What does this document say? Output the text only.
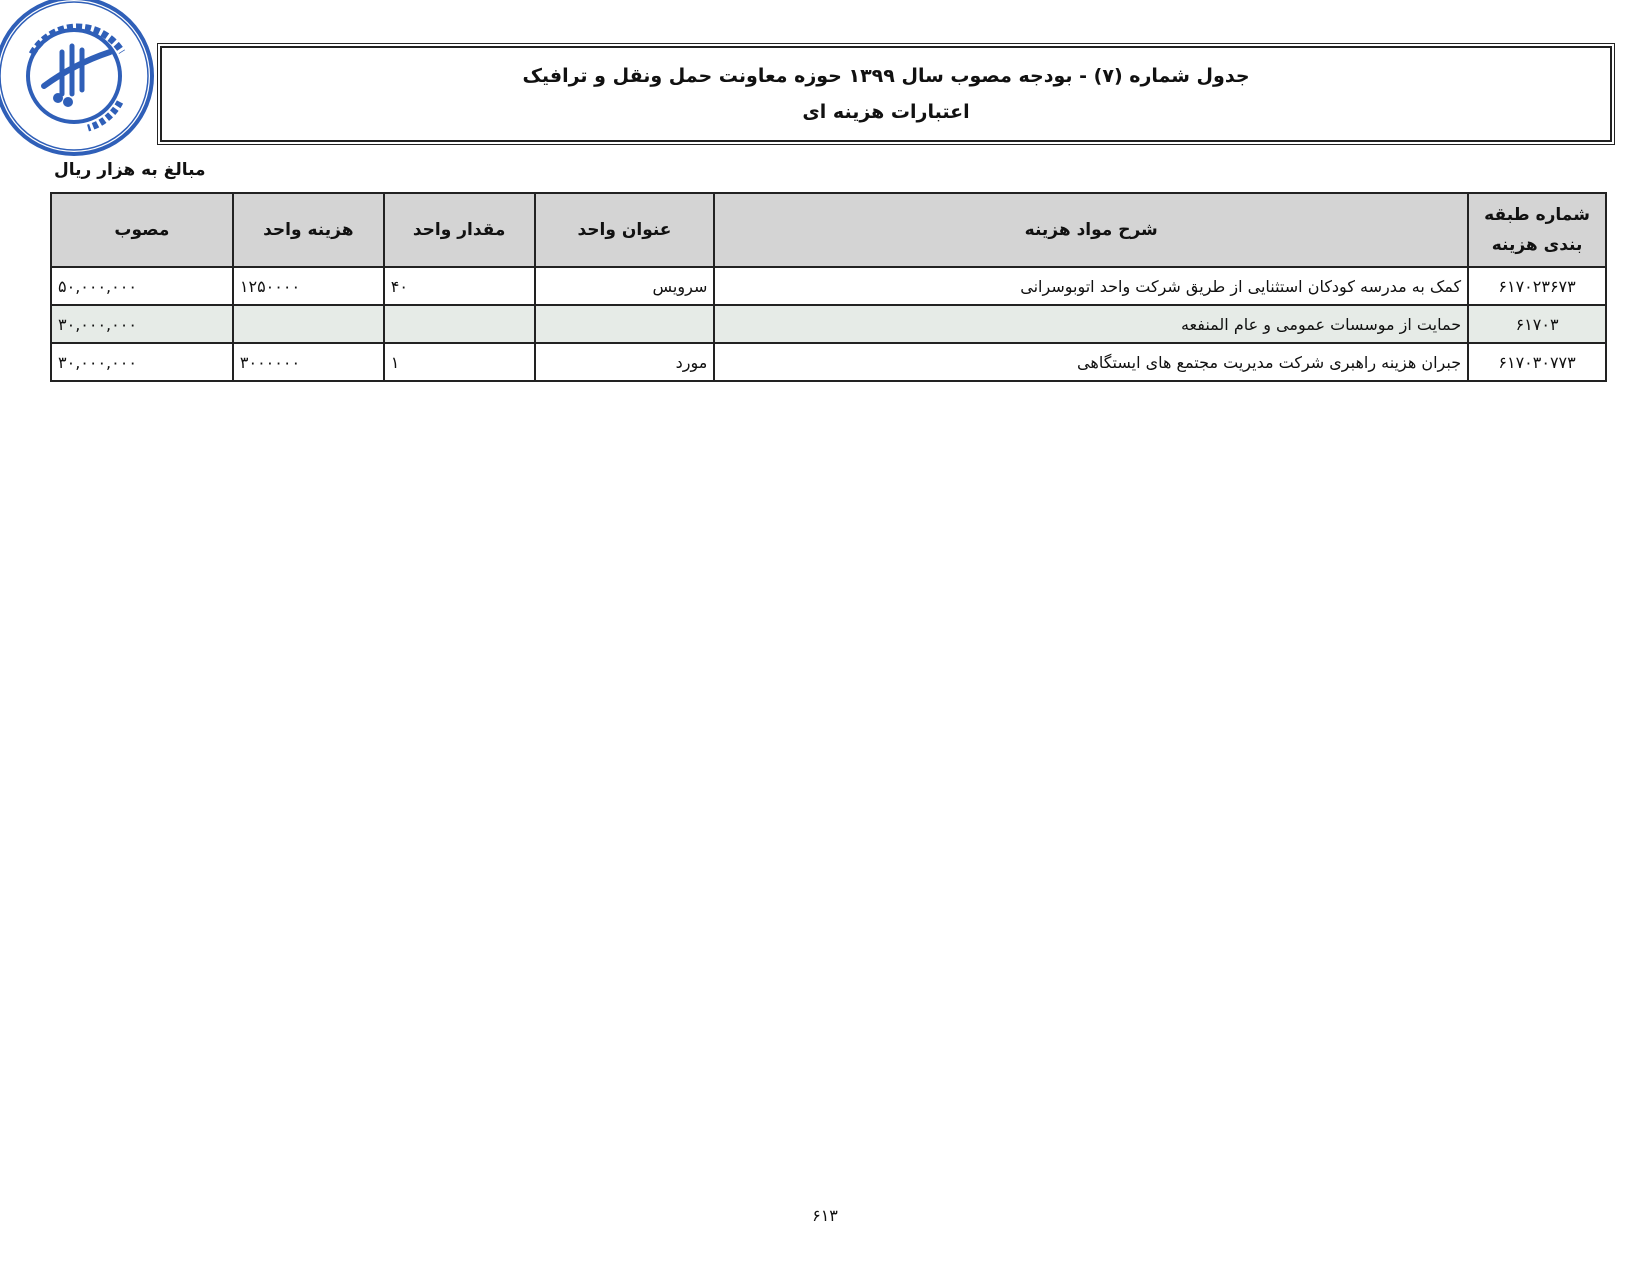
جدول شماره (۷) - بودجه مصوب سال ۱۳۹۹ حوزه معاونت حمل ونقل و ترافیک
اعتبارات هزینه ای
مبالغ به هزار ریال
شماره طبقه بندی هزینه	شرح مواد هزینه	عنوان واحد	مقدار واحد	هزینه واحد	مصوب
۶۱۷۰۲۳۶۷۳	کمک به مدرسه کودکان استثنایی از طریق شرکت واحد اتوبوسرانی	سرویس	۴۰	۱۲۵۰۰۰۰	۵۰,۰۰۰,۰۰۰
۶۱۷۰۳	حمایت از موسسات عمومی و عام المنفعه				۳۰,۰۰۰,۰۰۰
۶۱۷۰۳۰۷۷۳	جبران هزینه راهبری شرکت مدیریت مجتمع های ایستگاهی	مورد	۱	۳۰۰۰۰۰۰	۳۰,۰۰۰,۰۰۰
۶۱۳
